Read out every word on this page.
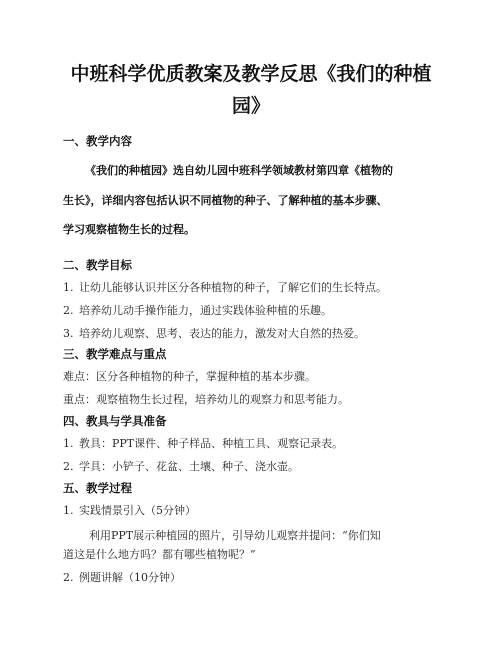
中班科学优质教案及教学反思《我们的种植
园》

一、教学内容

《我们的种植园》选自幼儿园中班科学领域教材第四章《植物的

生长》，详细内容包括认识不同植物的种子、了解种植的基本步骤、

学习观察植物生长的过程。

二、教学目标

1. 让幼儿能够认识并区分各种植物的种子，了解它们的生长特点。

2. 培养幼儿动手操作能力，通过实践体验种植的乐趣。

3. 培养幼儿观察、思考、表达的能力，激发对大自然的热爱。

三、教学难点与重点

难点：区分各种植物的种子，掌握种植的基本步骤。

重点：观察植物生长过程，培养幼儿的观察力和思考能力。

四、教具与学具准备

1. 教具：PPT课件、种子样品、种植工具、观察记录表。

2. 学具：小铲子、花盆、土壤、种子、浇水壶。

五、教学过程

1. 实践情景引入（5分钟）

利用PPT展示种植园的照片，引导幼儿观察并提问：“你们知

道这是什么地方吗？都有哪些植物呢？”

2. 例题讲解（10分钟）
